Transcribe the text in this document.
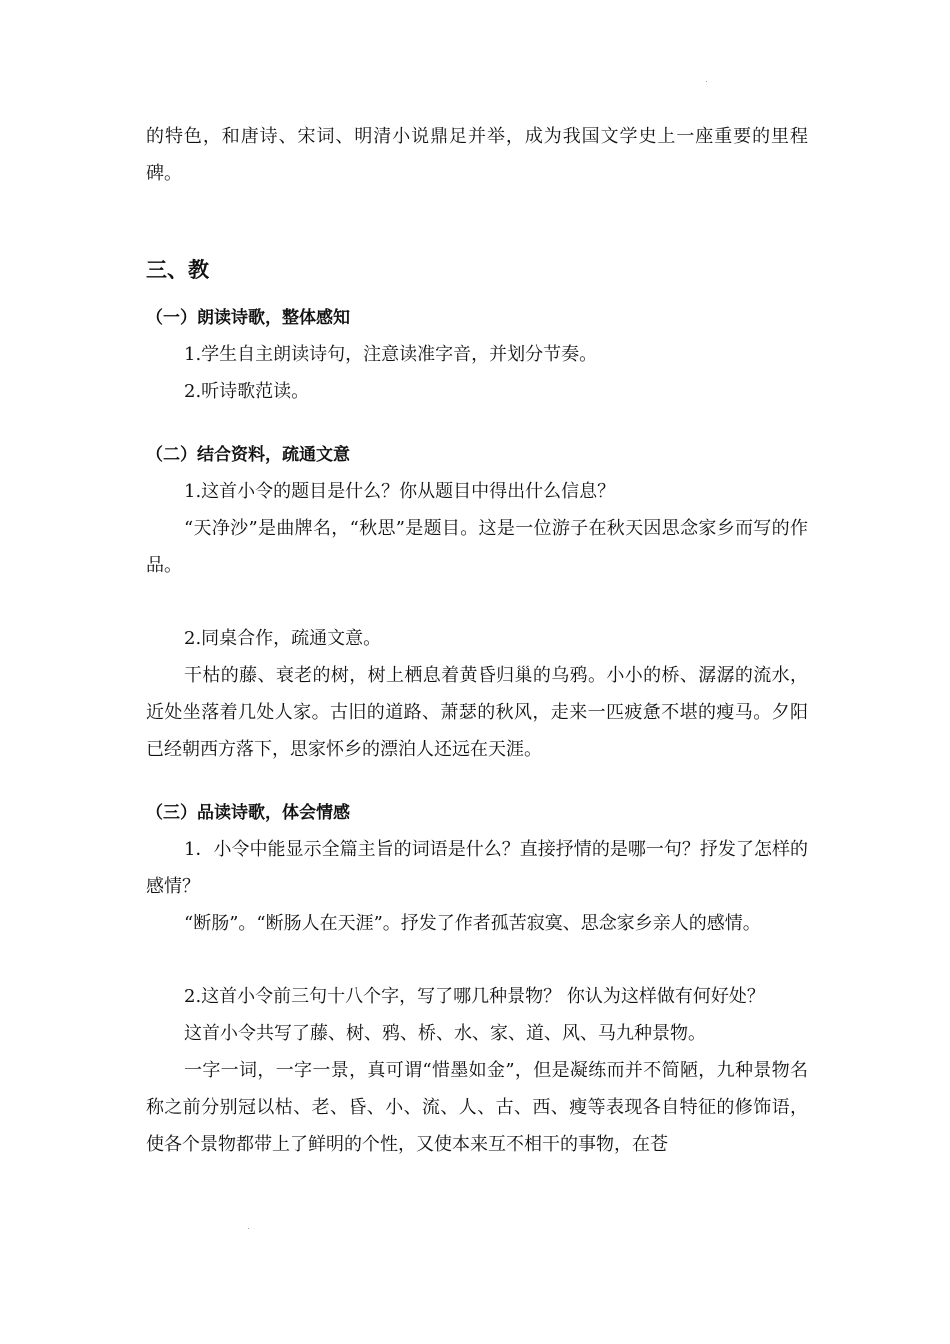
﹒

的特色，和唐诗、宋词、明清小说鼎足并举，成为我国文学史上一座重要的里程碑。

三、教
（一）朗读诗歌，整体感知

1.学生自主朗读诗句，注意读准字音，并划分节奏。

2.听诗歌范读。

（二）结合资料，疏通文意

1.这首小令的题目是什么？你从题目中得出什么信息？

“天净沙”是曲牌名，“秋思”是题目。这是一位游子在秋天因思念家乡而写的作品。

2.同桌合作，疏通文意。

干枯的藤、衰老的树，树上栖息着黄昏归巢的乌鸦。小小的桥、潺潺的流水，近处坐落着几处人家。古旧的道路、萧瑟的秋风，走来一匹疲惫不堪的瘦马。夕阳已经朝西方落下，思家怀乡的漂泊人还远在天涯。

（三）品读诗歌，体会情感

1．小令中能显示全篇主旨的词语是什么？直接抒情的是哪一句？抒发了怎样的感情？

“断肠”。“断肠人在天涯”。抒发了作者孤苦寂寞、思念家乡亲人的感情。

2.这首小令前三句十八个字，写了哪几种景物？ 你认为这样做有何好处？

这首小令共写了藤、树、鸦、桥、水、家、道、风、马九种景物。

一字一词，一字一景，真可谓“惜墨如金”，但是凝练而并不简陋，九种景物名称之前分别冠以枯、老、昏、小、流、人、古、西、瘦等表现各自特征的修饰语，使各个景物都带上了鲜明的个性，又使本来互不相干的事物，在苍

﹒
